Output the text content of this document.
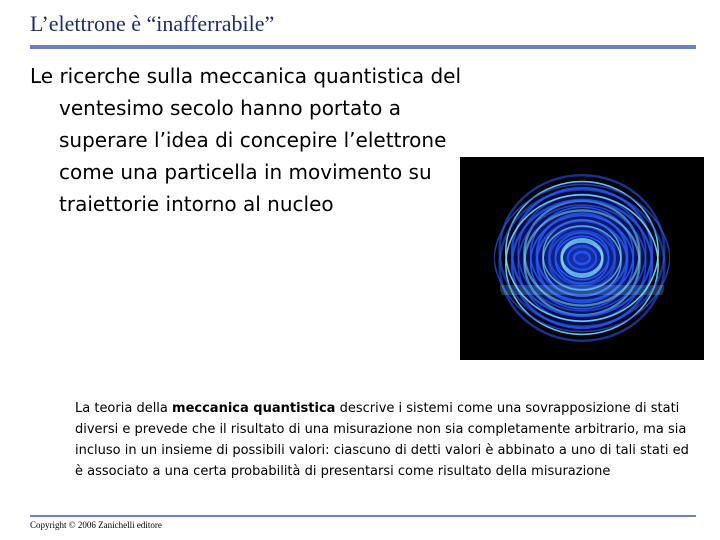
L’elettrone è “inafferrabile”
Le ricerche sulla meccanica quantistica del ventesimo secolo hanno portato a superare l’idea di concepire l’elettrone come una particella in movimento su traiettorie intorno al nucleo
La teoria della meccanica quantistica descrive i sistemi come una sovrapposizione di stati diversi e prevede che il risultato di una misurazione non sia completamente arbitrario, ma sia incluso in un insieme di possibili valori: ciascuno di detti valori è abbinato a uno di tali stati ed è associato a una certa probabilità di presentarsi come risultato della misurazione
Copyright © 2006 Zanichelli editore
